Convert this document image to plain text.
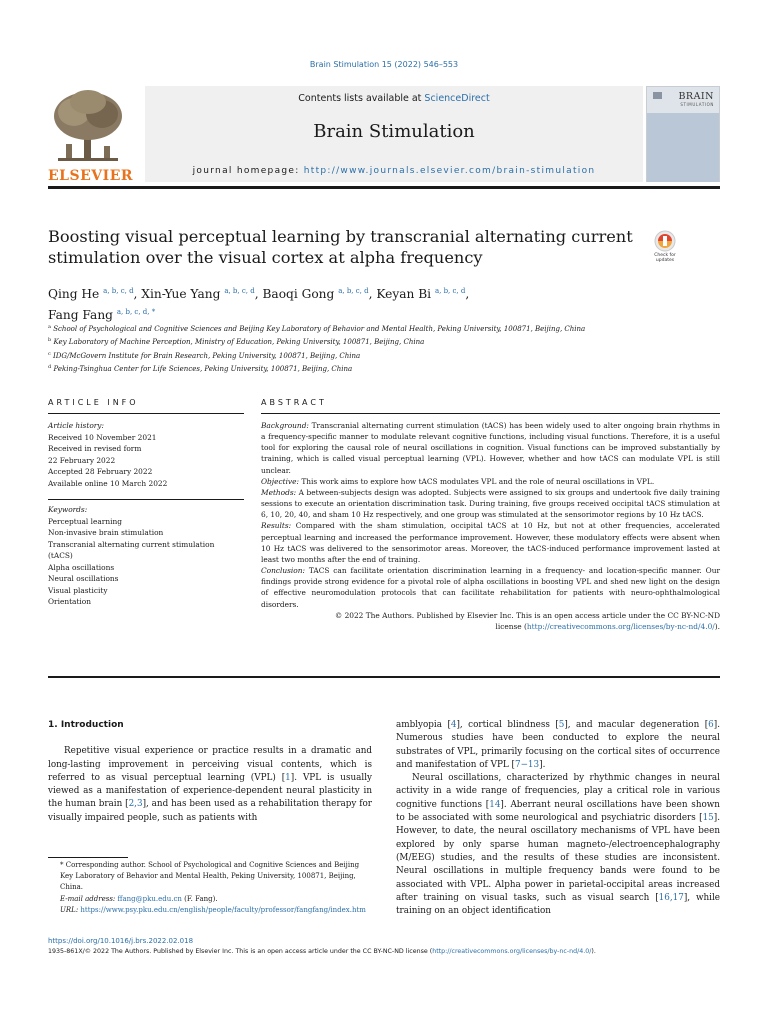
Brain Stimulation 15 (2022) 546–553
ELSEVIER
Contents lists available at ScienceDirect
Brain Stimulation
journal homepage: http://www.journals.elsevier.com/brain-stimulation
BRAIN
STIMULATION
Boosting visual perceptual learning by transcranial alternating current
stimulation over the visual cortex at alpha frequency	Check for
updates
Qing He $^{a, b, c, d}$, Xin-Yue Yang $^{a, b, c, d}$, Baoqi Gong $^{a, b, c, d}$, Keyan Bi $^{a, b, c, d}$,
Fang Fang $^{a, b, c, d, *}$
$^a$ School of Psychological and Cognitive Sciences and Beijing Key Laboratory of Behavior and Mental Health, Peking University, 100871, Beijing, China
$^b$ Key Laboratory of Machine Perception, Ministry of Education, Peking University, 100871, Beijing, China
$^c$ IDG/McGovern Institute for Brain Research, Peking University, 100871, Beijing, China
$^d$ Peking-Tsinghua Center for Life Sciences, Peking University, 100871, Beijing, China
ARTICLE INFO	ABSTRACT
Article history:
Received 10 November 2021
Received in revised form
22 February 2022
Accepted 28 February 2022
Available online 10 March 2022
Keywords:
Perceptual learning
Non-invasive brain stimulation
Transcranial alternating current stimulation
(tACS)
Alpha oscillations
Neural oscillations
Visual plasticity
Orientation

Background: Transcranial alternating current stimulation (tACS) has been widely used to alter ongoing brain rhythms in a frequency-specific manner to modulate relevant cognitive functions, including visual functions. Therefore, it is a useful tool for exploring the causal role of neural oscillations in cognition. Visual functions can be improved substantially by training, which is called visual perceptual learning (VPL). However, whether and how tACS can modulate VPL is still unclear.

Objective: This work aims to explore how tACS modulates VPL and the role of neural oscillations in VPL.

Methods: A between-subjects design was adopted. Subjects were assigned to six groups and undertook five daily training sessions to execute an orientation discrimination task. During training, five groups received occipital tACS stimulation at 6, 10, 20, 40, and sham 10 Hz respectively, and one group was stimulated at the sensorimotor regions by 10 Hz tACS.

Results: Compared with the sham stimulation, occipital tACS at 10 Hz, but not at other frequencies, accelerated perceptual learning and increased the performance improvement. However, these modulatory effects were absent when 10 Hz tACS was delivered to the sensorimotor areas. Moreover, the tACS-induced performance improvement lasted at least two months after the end of training.

Conclusion: TACS can facilitate orientation discrimination learning in a frequency- and location-specific manner. Our findings provide strong evidence for a pivotal role of alpha oscillations in boosting VPL and shed new light on the design of effective neuromodulation protocols that can facilitate rehabilitation for patients with neuro-ophthalmological disorders.

© 2022 The Authors. Published by Elsevier Inc. This is an open access article under the CC BY-NC-ND
license (http://creativecommons.org/licenses/by-nc-nd/4.0/).

1. Introduction

Repetitive visual experience or practice results in a dramatic and long-lasting improvement in perceiving visual contents, which is referred to as visual perceptual learning (VPL) [1]. VPL is usually viewed as a manifestation of experience-dependent neural plasticity in the human brain [2,3], and has been used as a rehabilitation therapy for visually impaired people, such as patients with

amblyopia [4], cortical blindness [5], and macular degeneration [6]. Numerous studies have been conducted to explore the neural substrates of VPL, primarily focusing on the cortical sites of occurrence and manifestation of VPL [7−13].

Neural oscillations, characterized by rhythmic changes in neural activity in a wide range of frequencies, play a critical role in various cognitive functions [14]. Aberrant neural oscillations have been shown to be associated with some neurological and psychiatric disorders [15]. However, to date, the neural oscillatory mechanisms of VPL have been explored by only sparse human magneto-/electroencephalography (M/EEG) studies, and the results of these studies are inconsistent. Neural oscillations in multiple frequency bands were found to be associated with VPL. Alpha power in parietal-occipital areas increased after training on visual tasks, such as visual search [16,17], while training on an object identification

* Corresponding author. School of Psychological and Cognitive Sciences and Beijing Key Laboratory of Behavior and Mental Health, Peking University, 100871, Beijing, China.
E-mail address: ffang@pku.edu.cn (F. Fang).
URL: https://www.psy.pku.edu.cn/english/people/faculty/professor/fangfang/index.htm
https://doi.org/10.1016/j.brs.2022.02.018
1935-861X/© 2022 The Authors. Published by Elsevier Inc. This is an open access article under the CC BY-NC-ND license (http://creativecommons.org/licenses/by-nc-nd/4.0/).
